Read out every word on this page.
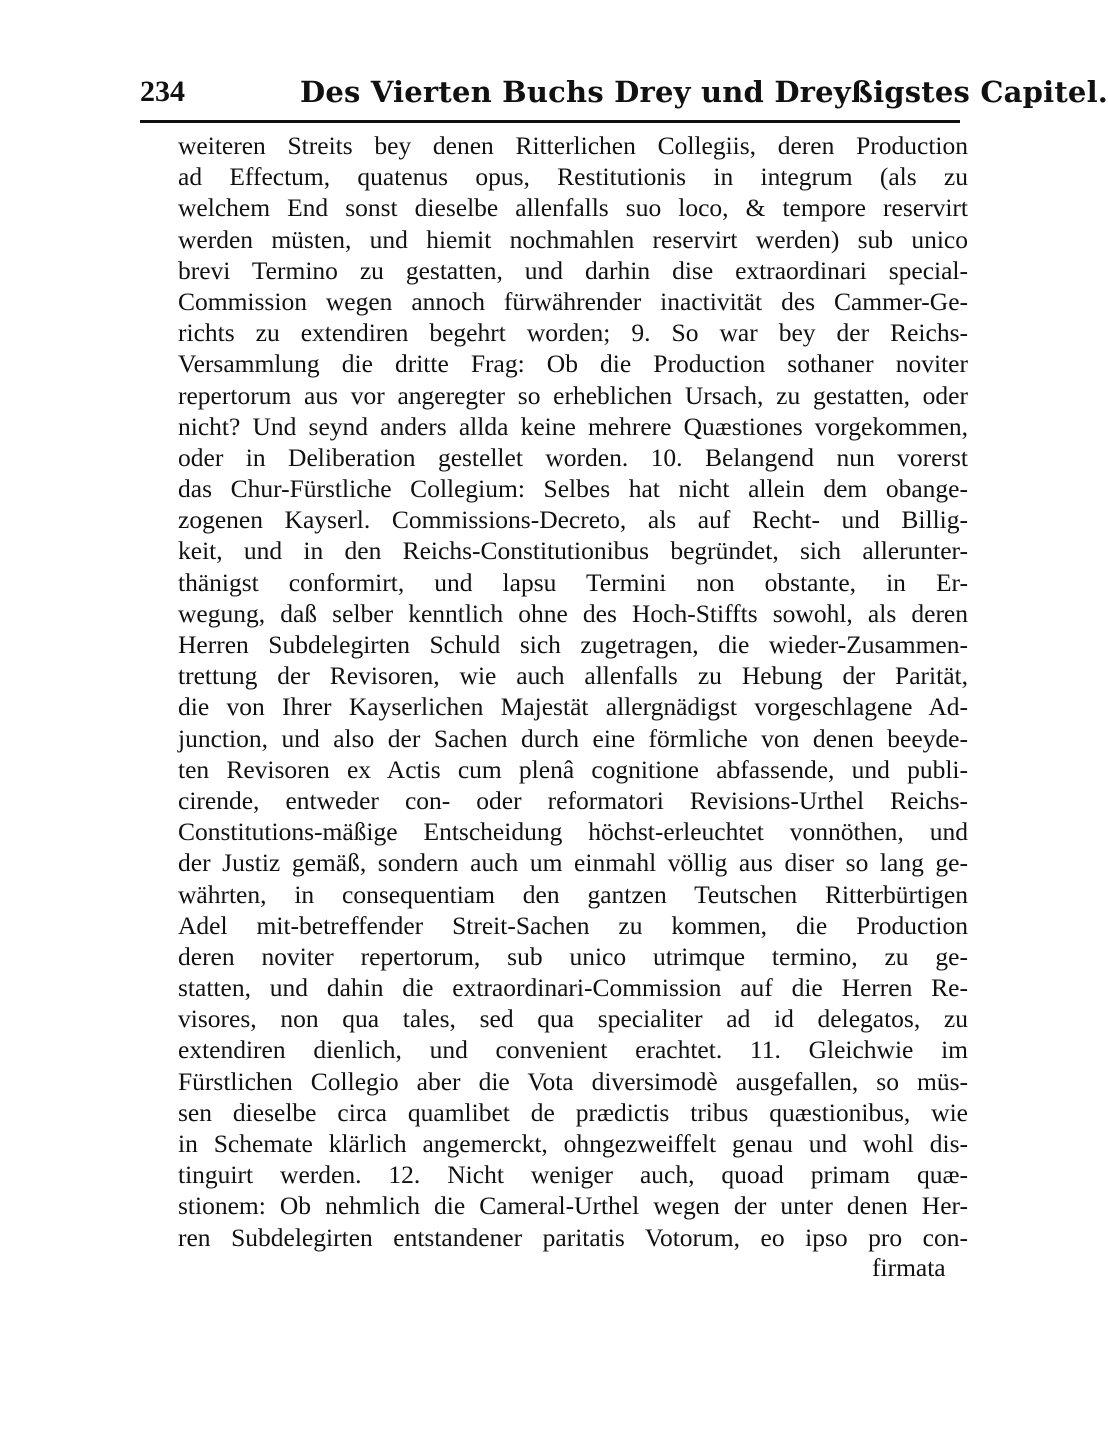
234	Des Vierten Buchs Drey und Dreyßigstes Capitel.
weiteren Streits bey denen Ritterlichen Collegiis, deren Production
ad Effectum, quatenus opus, Restitutionis in integrum (als zu
welchem End sonst dieselbe allenfalls suo loco, & tempore reservirt
werden müsten, und hiemit nochmahlen reservirt werden) sub unico
brevi Termino zu gestatten, und darhin dise extraordinari special-
Commission wegen annoch fürwährender inactivität des Cammer-Ge-
richts zu extendiren begehrt worden; 9. So war bey der Reichs-
Versammlung die dritte Frag: Ob die Production sothaner noviter
repertorum aus vor angeregter so erheblichen Ursach, zu gestatten, oder
nicht? Und seynd anders allda keine mehrere Quæstiones vorgekommen,
oder in Deliberation gestellet worden. 10. Belangend nun vorerst
das Chur-Fürstliche Collegium: Selbes hat nicht allein dem obange-
zogenen Kayserl. Commissions-Decreto, als auf Recht- und Billig-
keit, und in den Reichs-Constitutionibus begründet, sich allerunter-
thänigst conformirt, und lapsu Termini non obstante, in Er-
wegung, daß selber kenntlich ohne des Hoch-Stiffts sowohl, als deren
Herren Subdelegirten Schuld sich zugetragen, die wieder-Zusammen-
trettung der Revisoren, wie auch allenfalls zu Hebung der Parität,
die von Ihrer Kayserlichen Majestät allergnädigst vorgeschlagene Ad-
junction, und also der Sachen durch eine förmliche von denen beeyde-
ten Revisoren ex Actis cum plenâ cognitione abfassende, und publi-
cirende, entweder con- oder reformatori Revisions-Urthel Reichs-
Constitutions-mäßige Entscheidung höchst-erleuchtet vonnöthen, und
der Justiz gemäß, sondern auch um einmahl völlig aus diser so lang ge-
währten, in consequentiam den gantzen Teutschen Ritterbürtigen
Adel mit-betreffender Streit-Sachen zu kommen, die Production
deren noviter repertorum, sub unico utrimque termino, zu ge-
statten, und dahin die extraordinari-Commission auf die Herren Re-
visores, non qua tales, sed qua specialiter ad id delegatos, zu
extendiren dienlich, und convenient erachtet. 11. Gleichwie im
Fürstlichen Collegio aber die Vota diversimodè ausgefallen, so müs-
sen dieselbe circa quamlibet de prædictis tribus quæstionibus, wie
in Schemate klärlich angemerckt, ohngezweiffelt genau und wohl dis-
tinguirt werden. 12. Nicht weniger auch, quoad primam quæ-
stionem: Ob nehmlich die Cameral-Urthel wegen der unter denen Her-
ren Subdelegirten entstandener paritatis Votorum, eo ipso pro con-
firmata
